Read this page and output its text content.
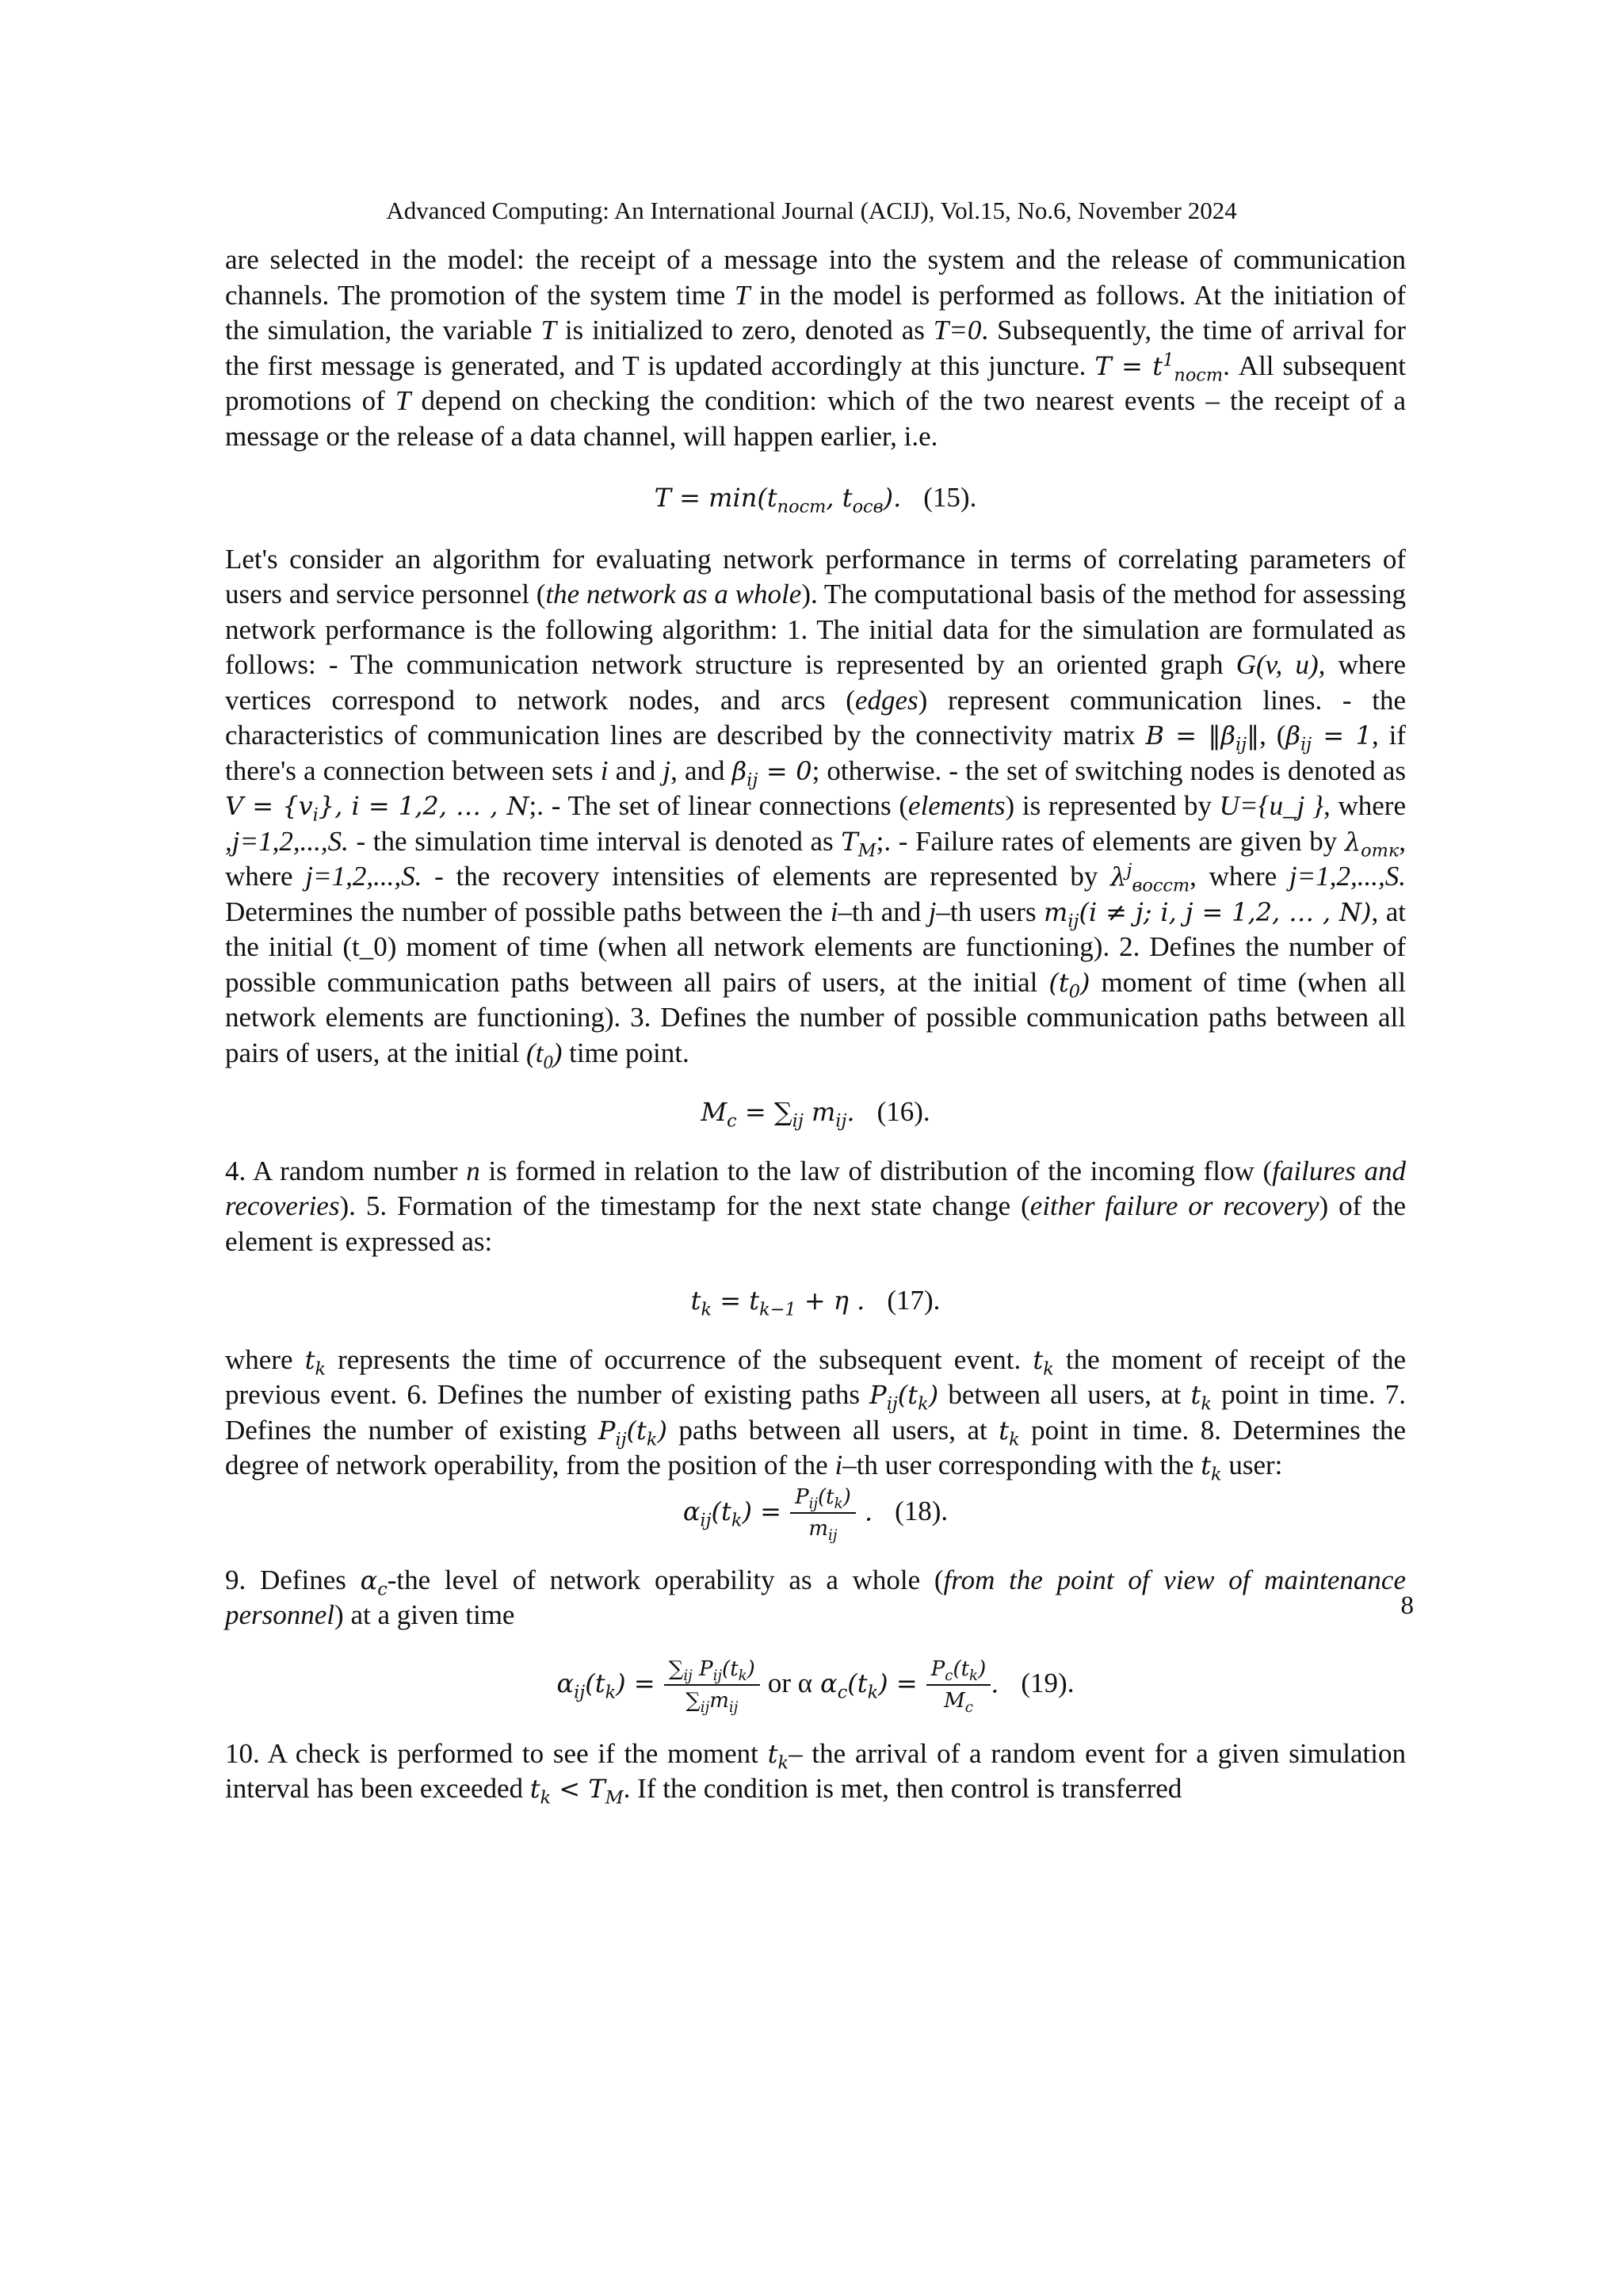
Advanced Computing: An International Journal (ACIJ), Vol.15, No.6, November 2024

are selected in the model: the receipt of a message into the system and the release of communication channels. The promotion of the system time T in the model is performed as follows. At the initiation of the simulation, the variable T is initialized to zero, denoted as T=0. Subsequently, the time of arrival for the first message is generated, and T is updated accordingly at this juncture. $T = t^1_{пост}$. All subsequent promotions of T depend on checking the condition: which of the two nearest events – the receipt of a message or the release of a data channel, will happen earlier, i.e.

$T = \min(t_{пост}$, $t_{осв}$). (15).

Let's consider an algorithm for evaluating network performance in terms of correlating parameters of users and service personnel (the network as a whole). The computational basis of the method for assessing network performance is the following algorithm: 1. The initial data for the simulation are formulated as follows: - The communication network structure is represented by an oriented graph G(v, u), where vertices correspond to network nodes, and arcs (edges) represent communication lines. - the characteristics of communication lines are described by the connectivity matrix $B = ‖\beta_{ij}‖$, ($\beta_{ij} = 1$, if there's a connection between sets i and j, and $\beta_{ij} = 0$; otherwise. - the set of switching nodes is denoted as $V = \{v_i\}$, i = 1,2, … , N;. - The set of linear connections (elements) is represented by U={u_j }, where ,j=1,2,...,S. - the simulation time interval is denoted as $T_M$;. - Failure rates of elements are given by $\lambda_{отк}$, where j=1,2,...,S. - the recovery intensities of elements are represented by $\lambda^j_{восст}$, where j=1,2,...,S. Determines the number of possible paths between the i–th and j–th users $m_{ij}(i \ne j$; i, j = 1,2, … , N), at the initial (t_0) moment of time (when all network elements are functioning). 2. Defines the number of possible communication paths between all pairs of users, at the initial $(t_0)$ moment of time (when all network elements are functioning). 3. Defines the number of possible communication paths between all pairs of users, at the initial $(t_0)$ time point.

$M_c = \sum_{ij}$ $m_{ij}$. (16).

4. A random number n is formed in relation to the law of distribution of the incoming flow (failures and recoveries). 5. Formation of the timestamp for the next state change (either failure or recovery) of the element is expressed as:

$t_k = t_{k-1} + \eta$ . (17).

where $t_k$ represents the time of occurrence of the subsequent event. $t_k$ the moment of receipt of the previous event. 6. Defines the number of existing paths $P_{ij}(t_k)$ between all users, at $t_k$ point in time. 7. Defines the number of existing $P_{ij}(t_k)$ paths between all users, at $t_k$ point in time. 8. Determines the degree of network operability, from the position of the i–th user corresponding with the $t_k$ user:

$\alpha_{ij}(t_k) = \frac{P_{ij}(t_k)}{m_{ij}}$ . (18).

9. Defines $\alpha_c$-the level of network operability as a whole (from the point of view of maintenance personnel) at a given time

$\alpha_{ij}(t_k) = \frac{\sum_{ij} P_{ij}(t_k)}{\sum_{ij}m_{ij}}$ or α $\alpha_c(t_k) = \frac{P_c(t_k)}{M_c}$ . (19).

10. A check is performed to see if the moment $t_k-$ the arrival of a random event for a given simulation interval has been exceeded $t_k < T_M$. If the condition is met, then control is transferred

8
